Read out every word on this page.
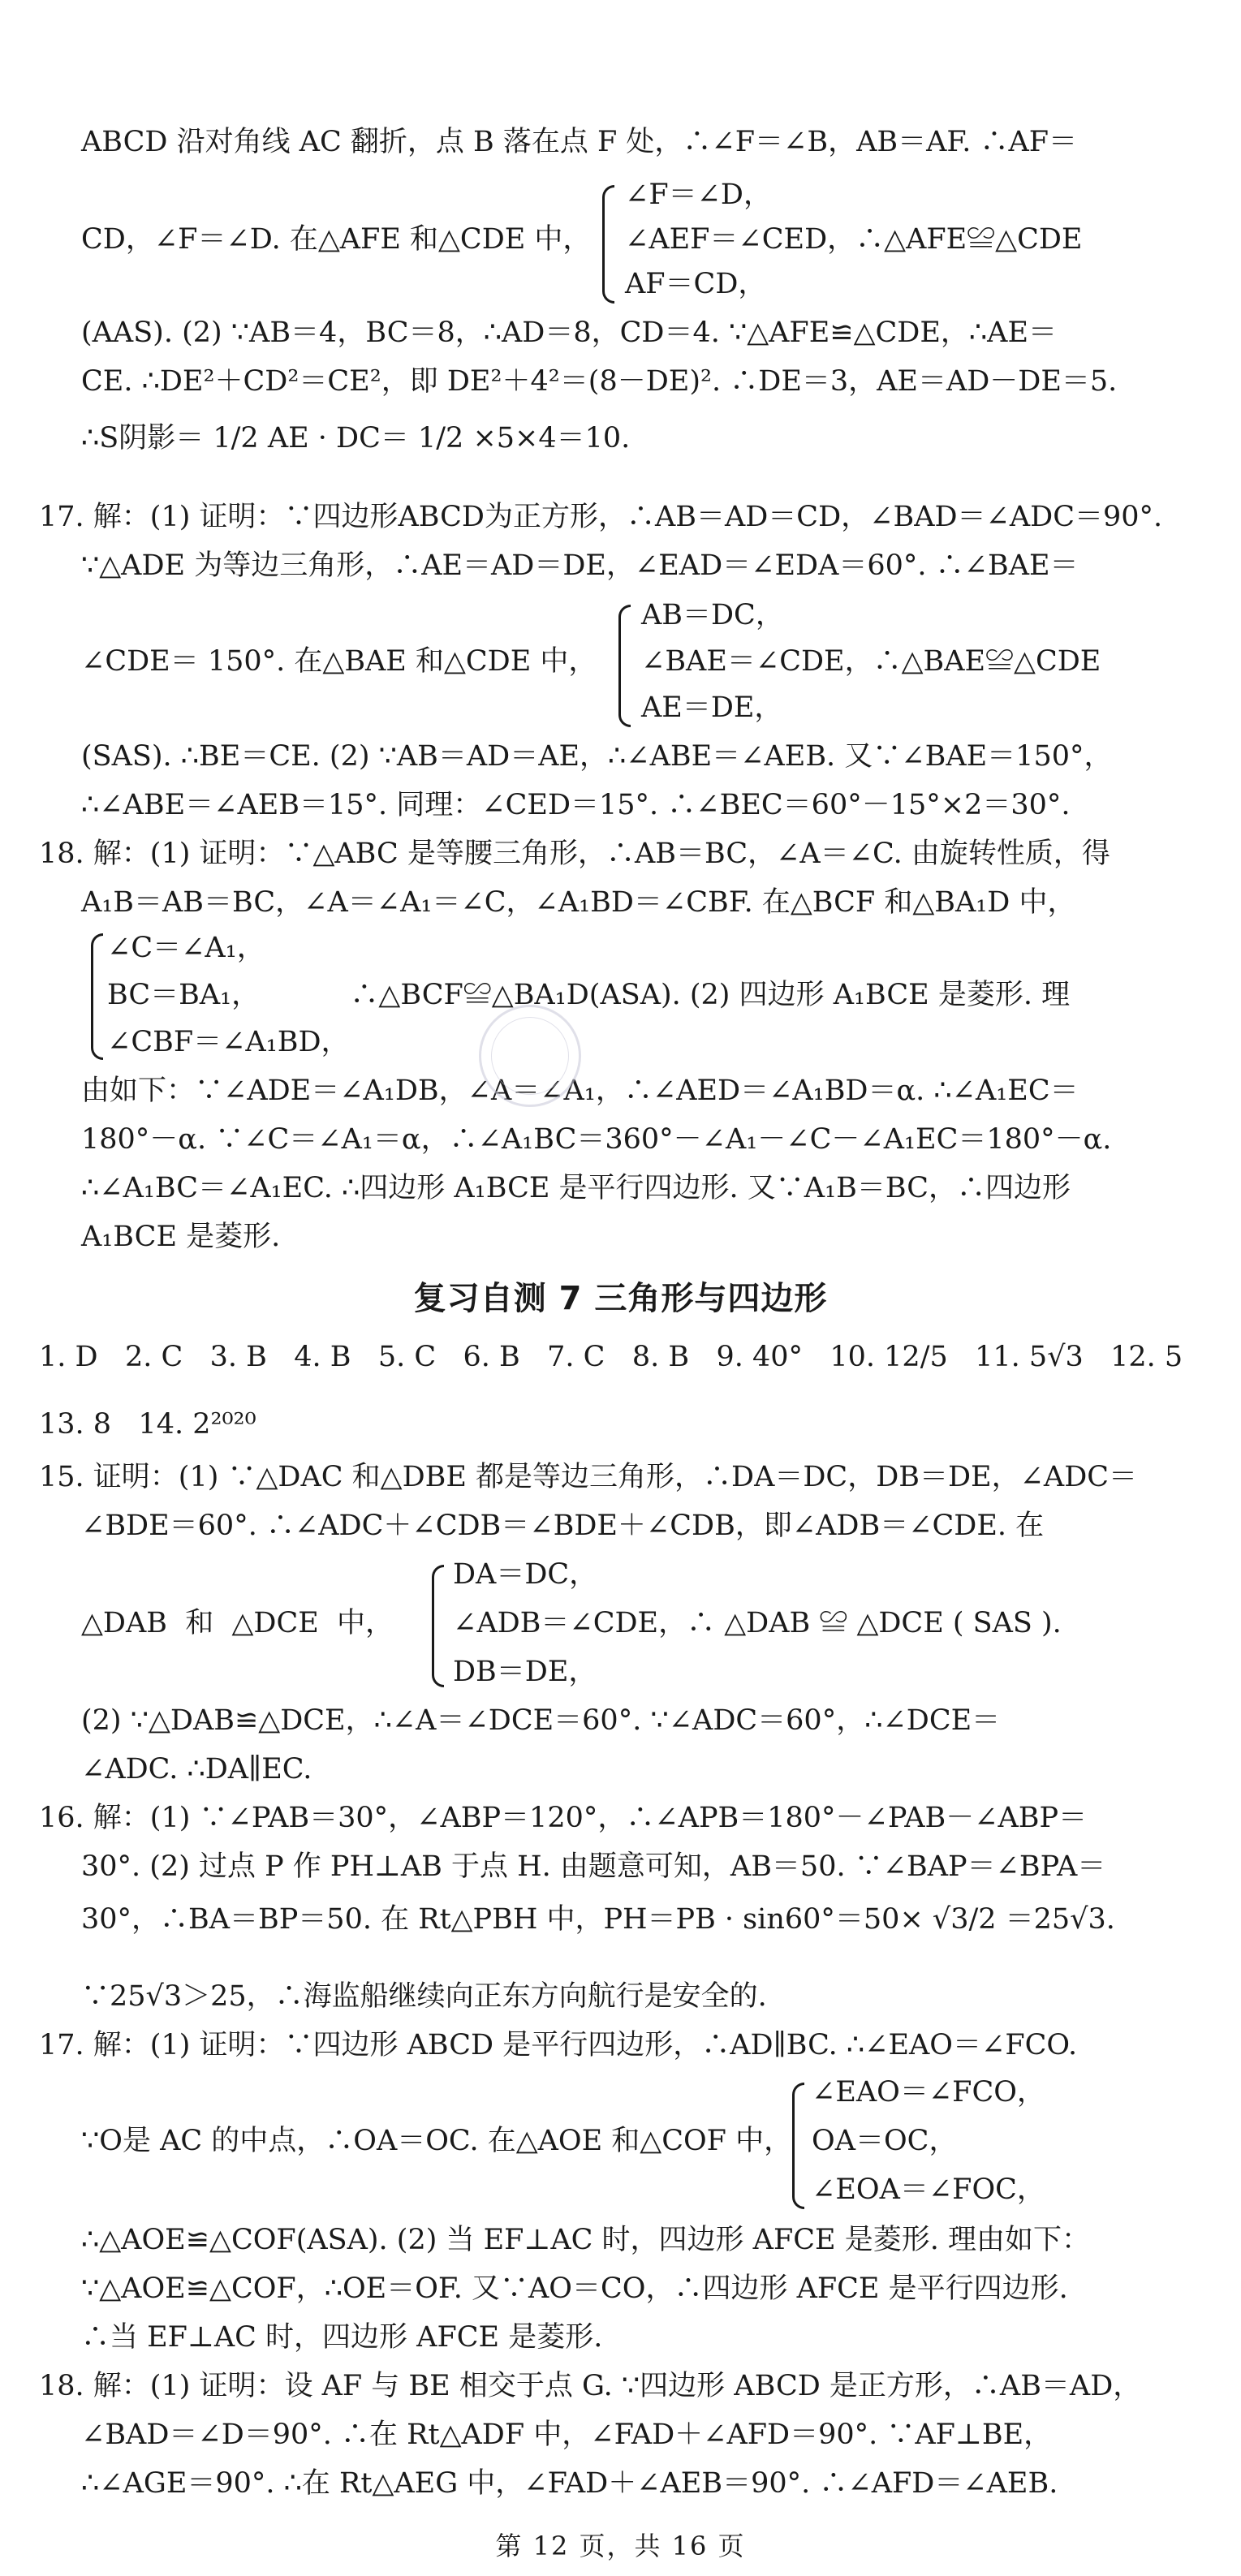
ABCD 沿对角线 AC 翻折，点 B 落在点 F 处，∴∠F＝∠B，AB＝AF. ∴AF＝
CD，∠F＝∠D. 在△AFE 和△CDE 中，
∠F＝∠D，
∠AEF＝∠CED，∴△AFE≌△CDE
AF＝CD，
(AAS). (2) ∵AB＝4，BC＝8，∴AD＝8，CD＝4. ∵△AFE≌△CDE，∴AE＝
CE. ∴DE²＋CD²＝CE²，即 DE²＋4²＝(8－DE)². ∴DE＝3，AE＝AD－DE＝5.
∴S阴影＝ 1/2 AE · DC＝ 1/2 ×5×4＝10.
17. 解：(1) 证明：∵四边形ABCD为正方形，∴AB＝AD＝CD，∠BAD＝∠ADC＝90°.
∵△ADE 为等边三角形，∴AE＝AD＝DE，∠EAD＝∠EDA＝60°. ∴∠BAE＝
∠CDE＝ 150°. 在△BAE 和△CDE 中，
AB＝DC，
∠BAE＝∠CDE，∴△BAE≌△CDE
AE＝DE，
(SAS). ∴BE＝CE. (2) ∵AB＝AD＝AE，∴∠ABE＝∠AEB. 又∵∠BAE＝150°，
∴∠ABE＝∠AEB＝15°. 同理：∠CED＝15°. ∴∠BEC＝60°－15°×2＝30°.
18. 解：(1) 证明：∵△ABC 是等腰三角形，∴AB＝BC，∠A＝∠C. 由旋转性质，得
A₁B＝AB＝BC，∠A＝∠A₁＝∠C，∠A₁BD＝∠CBF. 在△BCF 和△BA₁D 中，
∠C＝∠A₁，
BC＝BA₁，          ∴△BCF≌△BA₁D(ASA). (2) 四边形 A₁BCE 是菱形. 理
∠CBF＝∠A₁BD，
由如下：∵∠ADE＝∠A₁DB，∠A＝∠A₁，∴∠AED＝∠A₁BD＝α. ∴∠A₁EC＝
180°－α. ∵∠C＝∠A₁＝α，∴∠A₁BC＝360°－∠A₁－∠C－∠A₁EC＝180°－α.
∴∠A₁BC＝∠A₁EC. ∴四边形 A₁BCE 是平行四边形. 又∵A₁B＝BC，∴四边形
A₁BCE 是菱形.
复习自测 7 三角形与四边形
1. D   2. C   3. B   4. B   5. C   6. B   7. C   8. B   9. 40°   10. 12/5   11. 5√3   12. 5
13. 8   14. 2²⁰²⁰
15. 证明：(1) ∵△DAC 和△DBE 都是等边三角形，∴DA＝DC，DB＝DE，∠ADC＝
∠BDE＝60°. ∴∠ADC＋∠CDB＝∠BDE＋∠CDB，即∠ADB＝∠CDE. 在
△DAB  和  △DCE  中，
DA＝DC，
∠ADB＝∠CDE，∴ △DAB ≌ △DCE ( SAS ).
DB＝DE，
(2) ∵△DAB≌△DCE，∴∠A＝∠DCE＝60°. ∵∠ADC＝60°，∴∠DCE＝
∠ADC. ∴DA∥EC.
16. 解：(1) ∵∠PAB＝30°，∠ABP＝120°，∴∠APB＝180°－∠PAB－∠ABP＝
30°. (2) 过点 P 作 PH⊥AB 于点 H. 由题意可知，AB＝50. ∵∠BAP＝∠BPA＝
30°，∴BA＝BP＝50. 在 Rt△PBH 中，PH＝PB · sin60°＝50× √3/2 ＝25√3.
∵25√3＞25，∴海监船继续向正东方向航行是安全的.
17. 解：(1) 证明：∵四边形 ABCD 是平行四边形，∴AD∥BC. ∴∠EAO＝∠FCO.
∵O是 AC 的中点，∴OA＝OC. 在△AOE 和△COF 中，
∠EAO＝∠FCO，
OA＝OC，
∠EOA＝∠FOC，
∴△AOE≌△COF(ASA). (2) 当 EF⊥AC 时，四边形 AFCE 是菱形. 理由如下：
∵△AOE≌△COF，∴OE＝OF. 又∵AO＝CO，∴四边形 AFCE 是平行四边形.
∴当 EF⊥AC 时，四边形 AFCE 是菱形.
18. 解：(1) 证明：设 AF 与 BE 相交于点 G. ∵四边形 ABCD 是正方形，∴AB＝AD，
∠BAD＝∠D＝90°. ∴在 Rt△ADF 中，∠FAD＋∠AFD＝90°. ∵AF⊥BE，
∴∠AGE＝90°. ∴在 Rt△AEG 中，∠FAD＋∠AEB＝90°. ∴∠AFD＝∠AEB.
第 12 页，共 16 页
